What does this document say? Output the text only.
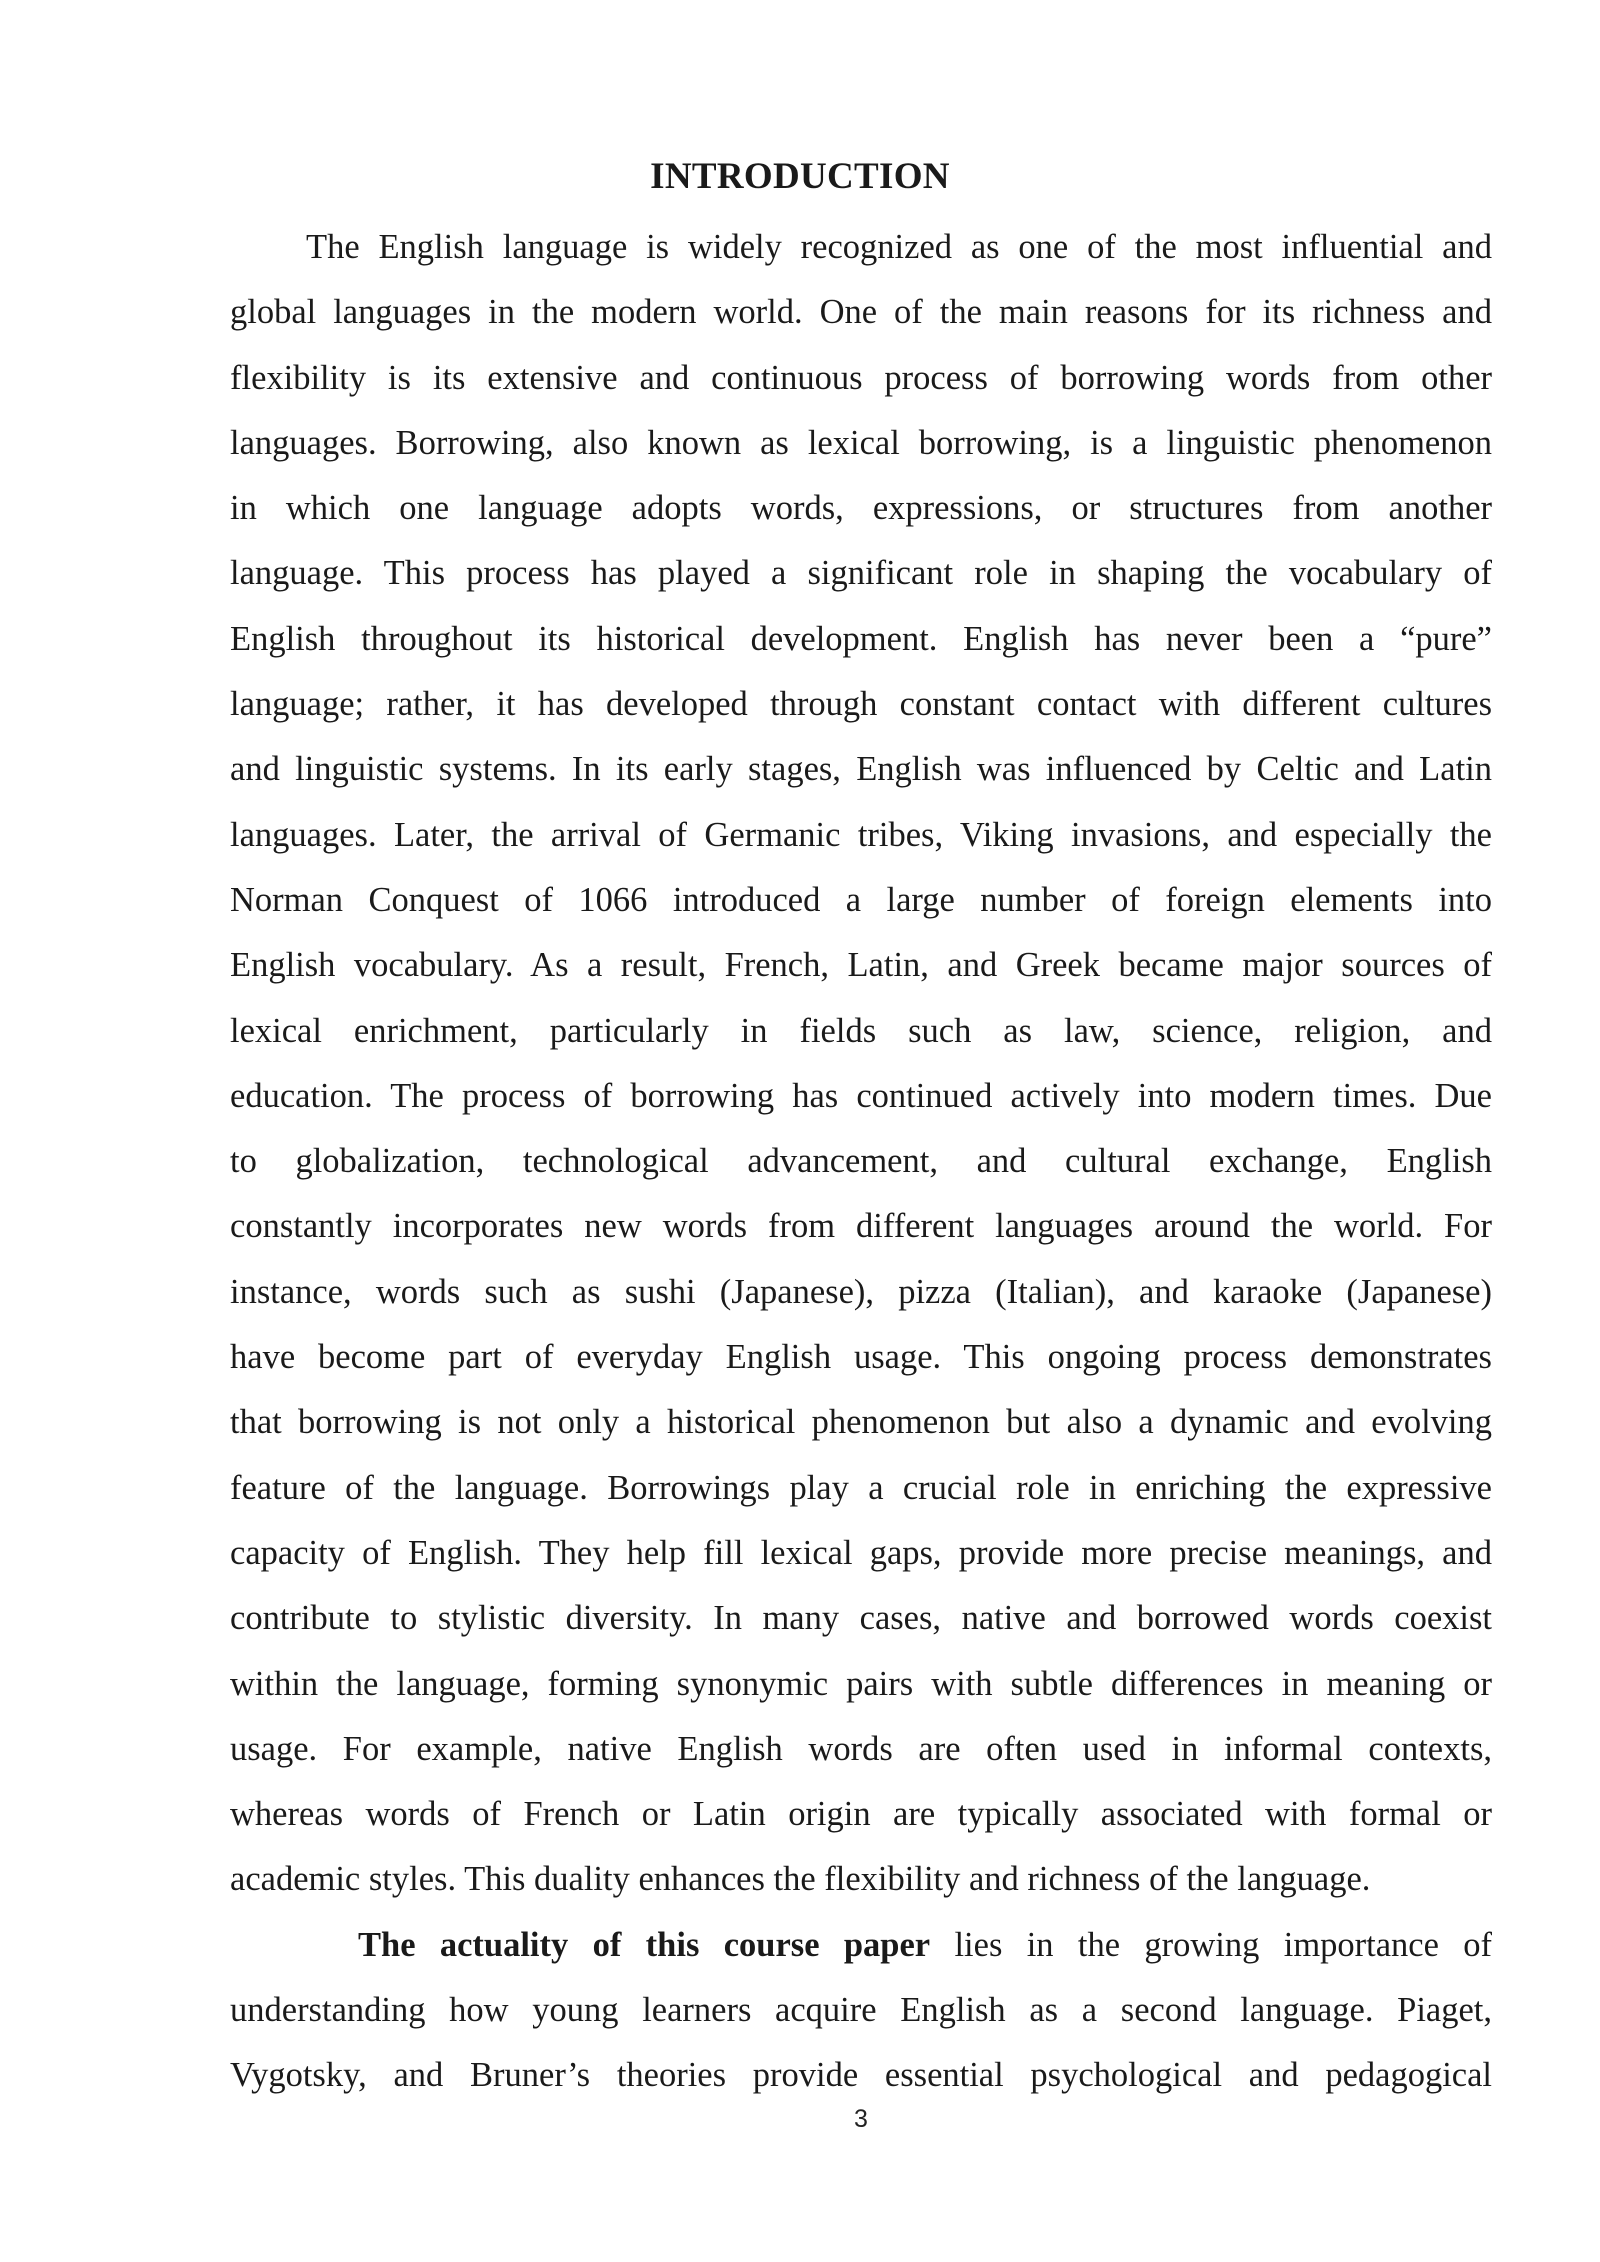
INTRODUCTION
The English language is widely recognized as one of the most influential and
global languages in the modern world. One of the main reasons for its richness and
flexibility is its extensive and continuous process of borrowing words from other
languages. Borrowing, also known as lexical borrowing, is a linguistic phenomenon
in which one language adopts words, expressions, or structures from another
language. This process has played a significant role in shaping the vocabulary of
English throughout its historical development. English has never been a “pure”
language; rather, it has developed through constant contact with different cultures
and linguistic systems. In its early stages, English was influenced by Celtic and Latin
languages. Later, the arrival of Germanic tribes, Viking invasions, and especially the
Norman Conquest of 1066 introduced a large number of foreign elements into
English vocabulary. As a result, French, Latin, and Greek became major sources of
lexical enrichment, particularly in fields such as law, science, religion, and
education. The process of borrowing has continued actively into modern times. Due
to globalization, technological advancement, and cultural exchange, English
constantly incorporates new words from different languages around the world. For
instance, words such as sushi (Japanese), pizza (Italian), and karaoke (Japanese)
have become part of everyday English usage. This ongoing process demonstrates
that borrowing is not only a historical phenomenon but also a dynamic and evolving
feature of the language. Borrowings play a crucial role in enriching the expressive
capacity of English. They help fill lexical gaps, provide more precise meanings, and
contribute to stylistic diversity. In many cases, native and borrowed words coexist
within the language, forming synonymic pairs with subtle differences in meaning or
usage. For example, native English words are often used in informal contexts,
whereas words of French or Latin origin are typically associated with formal or
academic styles. This duality enhances the flexibility and richness of the language.
The actuality of this course paper lies in the growing importance of
understanding how young learners acquire English as a second language. Piaget,
Vygotsky, and Bruner’s theories provide essential psychological and pedagogical
3
